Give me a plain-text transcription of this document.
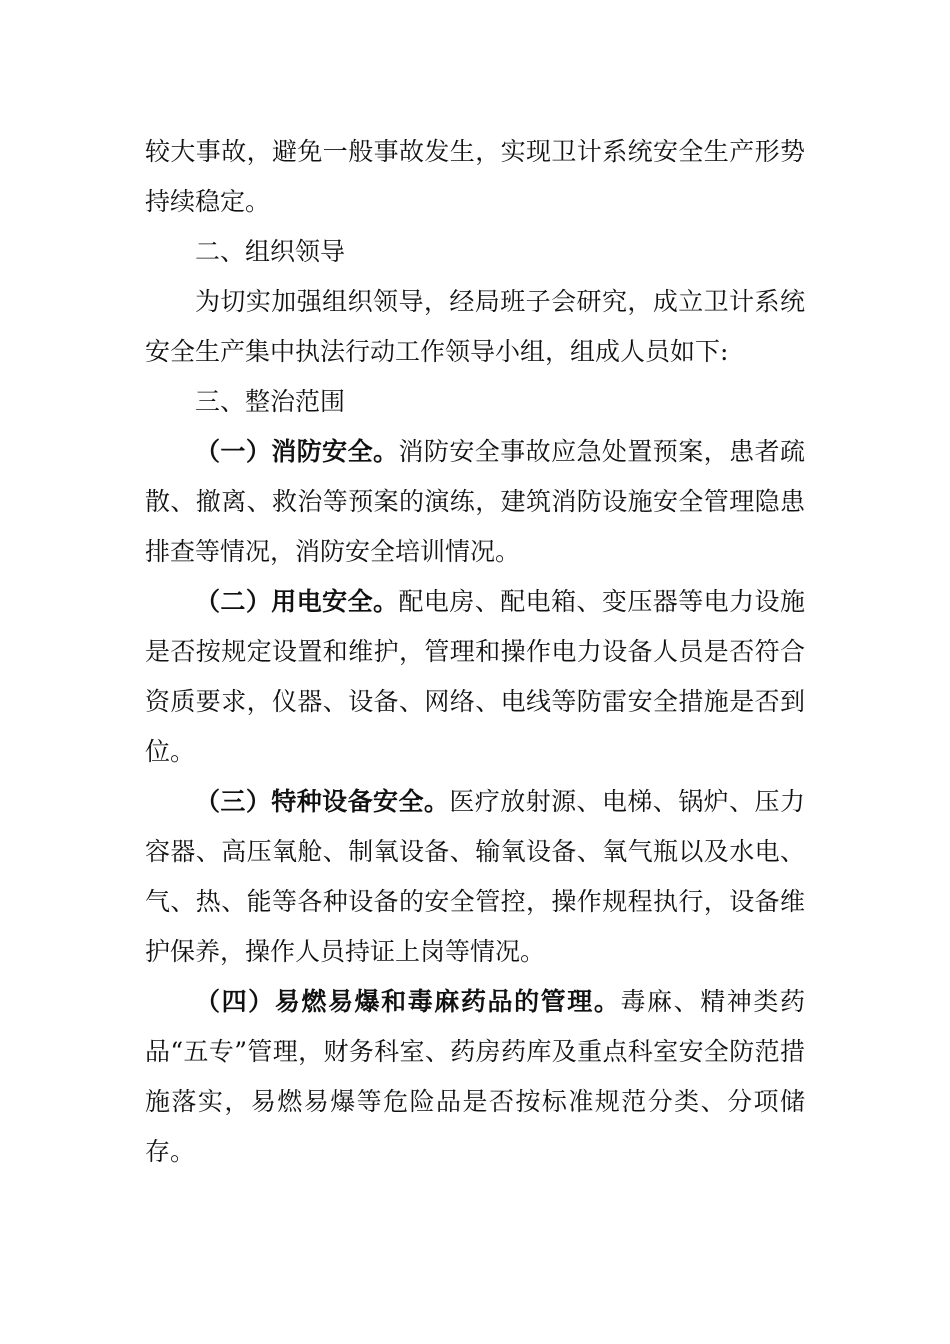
较大事故，避免一般事故发生，实现卫计系统安全生产形势持续稳定。

二、组织领导

为切实加强组织领导，经局班子会研究，成立卫计系统安全生产集中执法行动工作领导小组，组成人员如下:

三、整治范围

（一）消防安全。消防安全事故应急处置预案，患者疏散、撤离、救治等预案的演练，建筑消防设施安全管理隐患排查等情况，消防安全培训情况。

（二）用电安全。配电房、配电箱、变压器等电力设施是否按规定设置和维护，管理和操作电力设备人员是否符合资质要求，仪器、设备、网络、电线等防雷安全措施是否到位。

（三）特种设备安全。医疗放射源、电梯、锅炉、压力容器、高压氧舱、制氧设备、输氧设备、氧气瓶以及水电、气、热、能等各种设备的安全管控，操作规程执行，设备维护保养，操作人员持证上岗等情况。

（四）易燃易爆和毒麻药品的管理。毒麻、精神类药品“五专”管理，财务科室、药房药库及重点科室安全防范措施落实，易燃易爆等危险品是否按标准规范分类、分项储存。
